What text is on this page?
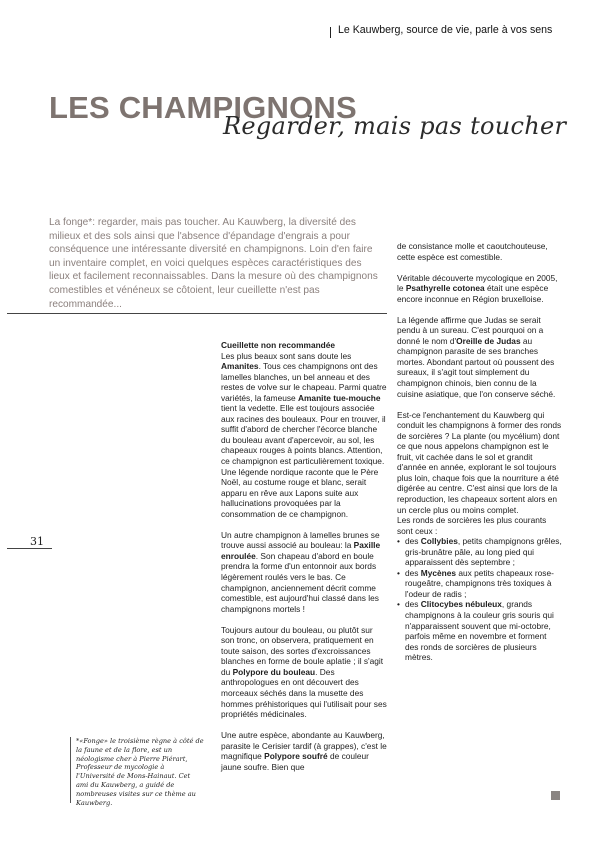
Le Kauwberg, source de vie, parle à vos sens
LES CHAMPIGNONS
Regarder, mais pas toucher
La fonge*: regarder, mais pas toucher. Au Kauwberg, la diversité des milieux et des sols ainsi que l'absence d'épandage d'engrais a pour conséquence une intéressante diversité en champignons. Loin d'en faire un inventaire complet, en voici quelques espèces caractéristiques des lieux et facilement reconnaissables. Dans la mesure où des champignons comestibles et vénéneux se côtoient, leur cueillette n'est pas recommandée...
31
*«Fonge» le troisième règne à côté de la faune et de la flore, est un néologisme cher à Pierre Piérart, Professeur de mycologie à l'Université de Mons-Hainaut. Cet ami du Kauwberg, a guidé de nombreuses visites sur ce thème au Kauwberg.

Cueillette non recommandée

Les plus beaux sont sans doute les Amanites. Tous ces champignons ont des lamelles blanches, un bel anneau et des restes de volve sur le chapeau. Parmi quatre variétés, la fameuse Amanite tue-mouche tient la vedette. Elle est toujours associée aux racines des bouleaux. Pour en trouver, il suffit d'abord de chercher l'écorce blanche du bouleau avant d'apercevoir, au sol, les chapeaux rouges à points blancs. Attention, ce champignon est particulièrement toxique. Une légende nordique raconte que le Père Noël, au costume rouge et blanc, serait apparu en rêve aux Lapons suite aux hallucinations provoquées par la consommation de ce champignon.

Un autre champignon à lamelles brunes se trouve aussi associé au bouleau: la Paxille enroulée. Son chapeau d'abord en boule prendra la forme d'un entonnoir aux bords légèrement roulés vers le bas. Ce champignon, anciennement décrit comme comestible, est aujourd'hui classé dans les champignons mortels !

Toujours autour du bouleau, ou plutôt sur son tronc, on observera, pratiquement en toute saison, des sortes d'excroissances blanches en forme de boule aplatie ; il s'agit du Polypore du bouleau. Des anthropologues en ont découvert des morceaux séchés dans la musette des hommes préhistoriques qui l'utilisait pour ses propriétés médicinales.

Une autre espèce, abondante au Kauwberg, parasite le Cerisier tardif (à grappes), c'est le magnifique Polypore soufré de couleur jaune soufre. Bien que

de consistance molle et caoutchouteuse, cette espèce est comestible.

Véritable découverte mycologique en 2005, le Psathyrelle cotonea était une espèce encore inconnue en Région bruxelloise.

La légende affirme que Judas se serait pendu à un sureau. C'est pourquoi on a donné le nom d'Oreille de Judas au champignon parasite de ses branches mortes. Abondant partout où poussent des sureaux, il s'agit tout simplement du champignon chinois, bien connu de la cuisine asiatique, que l'on conserve séché.

Est-ce l'enchantement du Kauwberg qui conduit les champignons à former des ronds de sorcières ? La plante (ou mycélium) dont ce que nous appelons champignon est le fruit, vit cachée dans le sol et grandit d'année en année, explorant le sol toujours plus loin, chaque fois que la nourriture a été digérée au centre. C'est ainsi que lors de la reproduction, les chapeaux sortent alors en un cercle plus ou moins complet.

Les ronds de sorcières les plus courants sont ceux :

• des Collybies, petits champignons grêles, gris-brunâtre pâle, au long pied qui apparaissent dès septembre ;
• des Mycènes aux petits chapeaux rose-rougeâtre, champignons très toxiques à l'odeur de radis ;
• des Clitocybes nébuleux, grands champignons à la couleur gris souris qui n'apparaissent souvent que mi-octobre, parfois même en novembre et forment des ronds de sorcières de plusieurs mètres.
